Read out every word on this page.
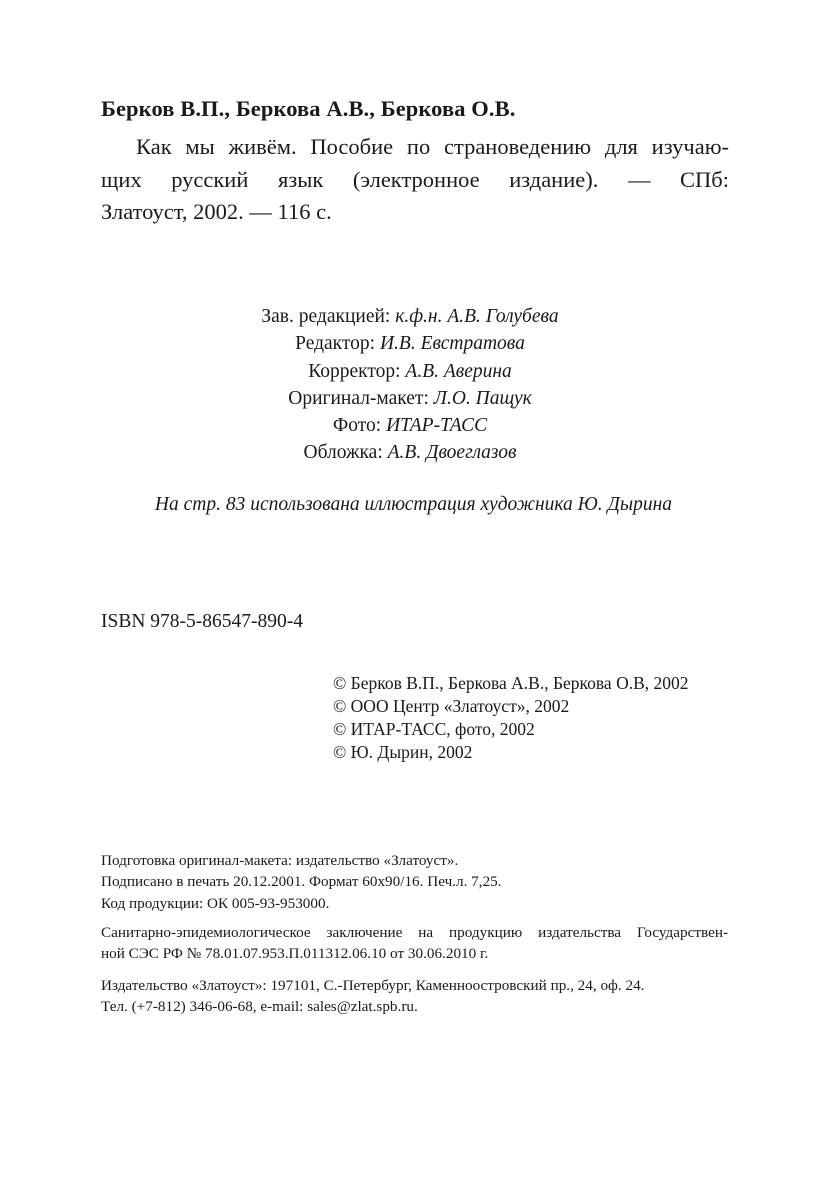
Берков В.П., Беркова А.В., Беркова О.В.
Как мы живём. Пособие по страноведению для изучаю-
щих русский язык (электронное издание). — СПб:
Златоуст, 2002. — 116 с.
Зав. редакцией: к.ф.н. А.В. Голубева
Редактор: И.В. Евстратова
Корректор: А.В. Аверина
Оригинал-макет: Л.О. Пащук
Фото: ИТАР-ТАСС
Обложка: А.В. Двоеглазов
На стр. 83 использована иллюстрация художника Ю. Дырина
ISBN 978-5-86547-890-4
© Берков В.П., Беркова А.В., Беркова О.В, 2002
© ООО Центр «Златоуст», 2002
© ИТАР-ТАСС, фото, 2002
© Ю. Дырин, 2002
Подготовка оригинал-макета: издательство «Златоуст».
Подписано в печать 20.12.2001. Формат 60x90/16. Печ.л. 7,25.
Код продукции: ОК 005-93-953000.
Санитарно-эпидемиологическое заключение на продукцию издательства Государствен-
ной СЭС РФ № 78.01.07.953.П.011312.06.10 от 30.06.2010 г.
Издательство «Златоуст»: 197101, С.-Петербург, Каменноостровский пр., 24, оф. 24.
Тел. (+7-812) 346-06-68, e-mail: sales@zlat.spb.ru.
